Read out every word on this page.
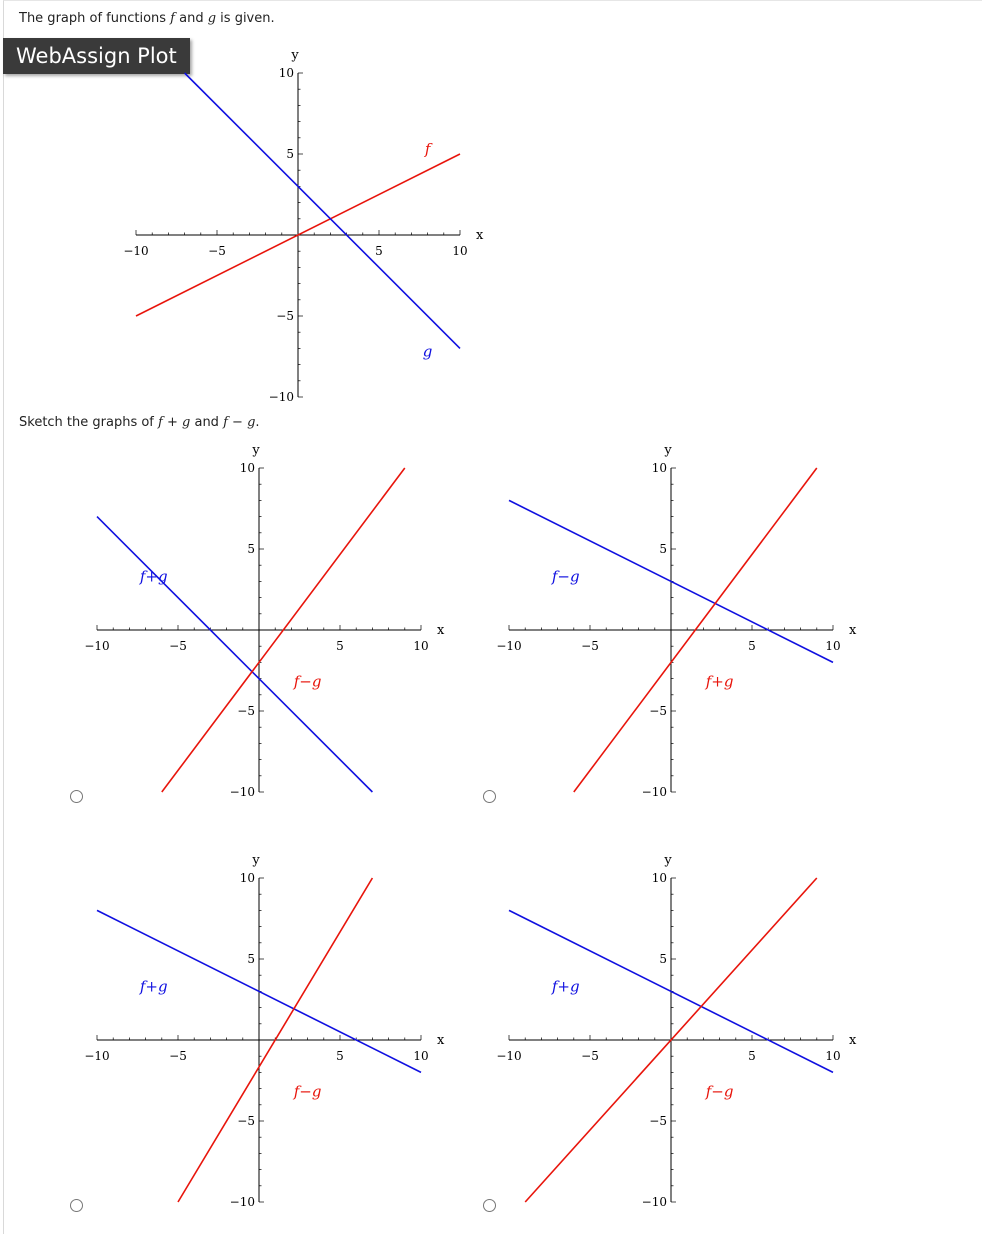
The graph of functions f and g is given.
WebAssign Plot
Sketch the graphs of f + g and f − g.
−10	−5	5	10
10
5
−5
−10
x
y
f
g
−10	−5	5	10
10
5
−5
−10
x
y
f+g
f−g
−10	−5	5	10
10
5
−5
−10
x
y
f−g
f+g
−10	−5	5	10
10
5
−5
−10
x
y
f+g
f−g
−10	−5	5	10
10
5
−5
−10
x
y
f+g
f−g
